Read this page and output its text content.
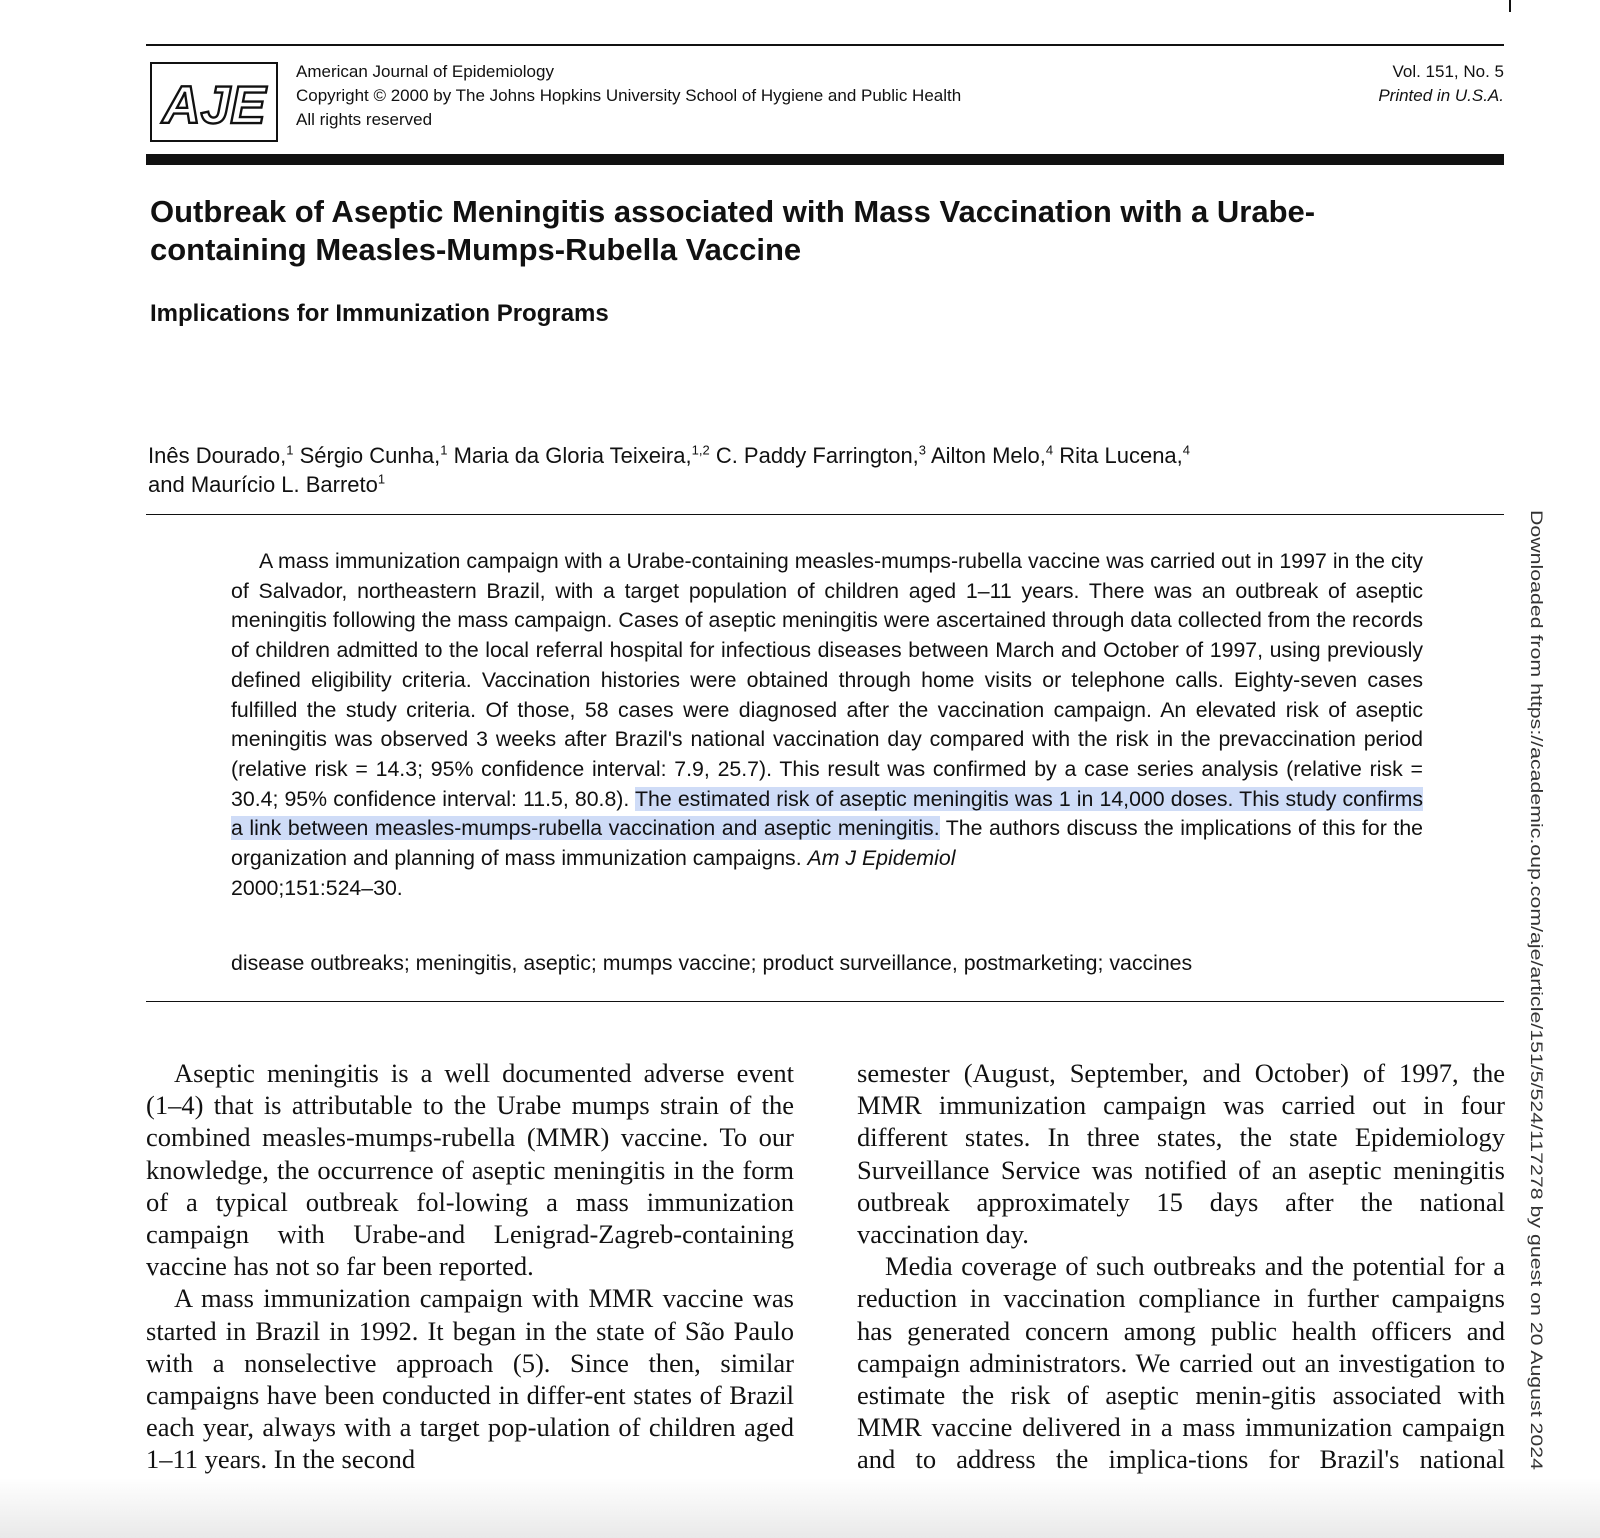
AJE
American Journal of Epidemiology
Copyright © 2000 by The Johns Hopkins University School of Hygiene and Public Health
All rights reserved
Vol. 151, No. 5
Printed in U.S.A.
Outbreak of Aseptic Meningitis associated with Mass Vaccination with a Urabe-containing Measles-Mumps-Rubella Vaccine
Implications for Immunization Programs
Inês Dourado,$^1$ Sérgio Cunha,$^1$ Maria da Gloria Teixeira,$^{1,2}$ C. Paddy Farrington,$^3$ Ailton Melo,$^4$ Rita Lucena,$^4$
and Maurício L. Barreto$^1$
A mass immunization campaign with a Urabe-containing measles-mumps-rubella vaccine was carried out in 1997 in the city of Salvador, northeastern Brazil, with a target population of children aged 1–11 years. There was an outbreak of aseptic meningitis following the mass campaign. Cases of aseptic meningitis were ascertained through data collected from the records of children admitted to the local referral hospital for infectious diseases between March and October of 1997, using previously defined eligibility criteria. Vaccination histories were obtained through home visits or telephone calls. Eighty-seven cases fulfilled the study criteria. Of those, 58 cases were diagnosed after the vaccination campaign. An elevated risk of aseptic meningitis was observed 3 weeks after Brazil's national vaccination day compared with the risk in the prevaccination period (relative risk = 14.3; 95% confidence interval: 7.9, 25.7). This result was confirmed by a case series analysis (relative risk = 30.4; 95% confidence interval: 11.5, 80.8). The estimated risk of aseptic meningitis was 1 in 14,000 doses. This study confirms a link between measles-mumps-rubella vaccination and aseptic meningitis. The authors discuss the implications of this for the organization and planning of mass immunization campaigns. Am J Epidemiol
2000;151:524–30.
disease outbreaks; meningitis, aseptic; mumps vaccine; product surveillance, postmarketing; vaccines

Aseptic meningitis is a well documented adverse event (1–4) that is attributable to the Urabe mumps strain of the combined measles-mumps-rubella (MMR) vaccine. To our knowledge, the occurrence of aseptic meningitis in the form of a typical outbreak fol-lowing a mass immunization campaign with Urabe-and Lenigrad-Zagreb-containing vaccine has not so far been reported.

A mass immunization campaign with MMR vaccine was started in Brazil in 1992. It began in the state of São Paulo with a nonselective approach (5). Since then, similar campaigns have been conducted in differ-ent states of Brazil each year, always with a target pop-ulation of children aged 1–11 years. In the second

semester (August, September, and October) of 1997, the MMR immunization campaign was carried out in four different states. In three states, the state Epidemiology Surveillance Service was notified of an aseptic meningitis outbreak approximately 15 days after the national vaccination day.

Media coverage of such outbreaks and the potential for a reduction in vaccination compliance in further campaigns has generated concern among public health officers and campaign administrators. We carried out an investigation to estimate the risk of aseptic menin-gitis associated with MMR vaccine delivered in a mass immunization campaign and to address the implica-tions for Brazil's national

Downloaded from https://academic.oup.com/aje/article/151/5/524/117278 by guest on 20 August 2024
